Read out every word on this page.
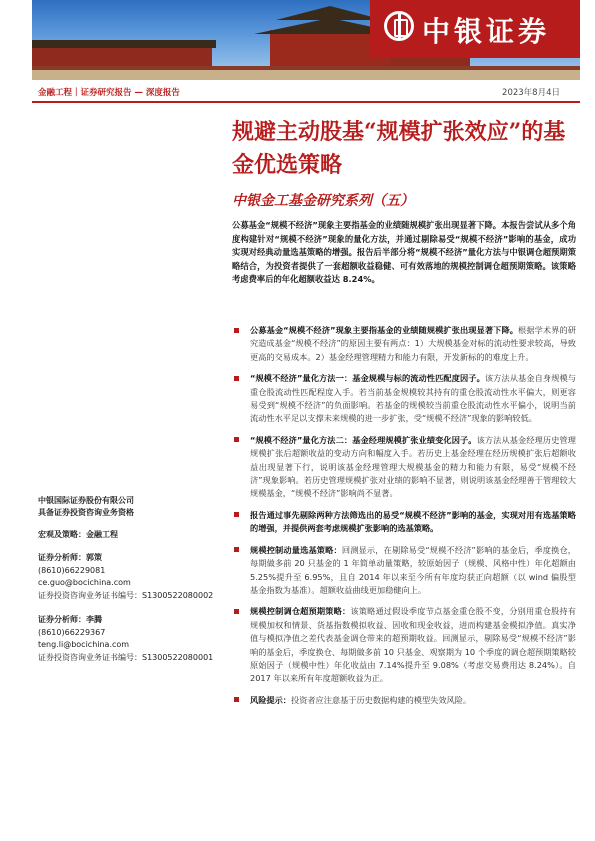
中银证券
金融工程｜证券研究报告 — 深度报告	2023年8月4日
规避主动股基“规模扩张效应”的基金优选策略
中银金工基金研究系列（五）
公募基金“规模不经济”现象主要指基金的业绩随规模扩张出现显著下降。本报告尝试从多个角度构建针对“规模不经济”现象的量化方法，并通过剔除易受“规模不经济”影响的基金，成功实现对经典动量选基策略的增强。报告后半部分将“规模不经济”量化方法与中银调仓超预期策略结合，为投资者提供了一套超额收益稳健、可有效落地的规模控制调仓超预期策略。该策略考虑费率后的年化超额收益达 8.24%。
公募基金“规模不经济”现象主要指基金的业绩随规模扩张出现显著下降。根据学术界的研究造成基金“规模不经济”的原因主要有两点：1）大规模基金对标的流动性要求较高，导致更高的交易成本。2）基金经理管理精力和能力有限，开发新标的的难度上升。
“规模不经济”量化方法一：基金规模与标的流动性匹配度因子。该方法从基金自身规模与重仓股流动性匹配程度入手。若当前基金规模较其持有的重仓股流动性水平偏大，则更容易受到“规模不经济”的负面影响。若基金的规模较当前重仓股流动性水平偏小，说明当前流动性水平足以支撑未来规模的进一步扩张，受“规模不经济”现象的影响较低。
“规模不经济”量化方法二：基金经理规模扩张业绩变化因子。该方法从基金经理历史管理规模扩张后超额收益的变动方向和幅度入手。若历史上基金经理在经历规模扩张后超额收益出现显著下行，说明该基金经理管理大规模基金的精力和能力有限，易受“规模不经济”现象影响。若历史管理规模扩张对业绩的影响不显著，则说明该基金经理善于管理较大规模基金，“规模不经济”影响尚不显著。
报告通过事先剔除两种方法筛选出的易受“规模不经济”影响的基金，实现对用有选基策略的增强，并提供两套考虑规模扩张影响的选基策略。
规模控制动量选基策略：回测显示，在剔除易受“规模不经济”影响的基金后，季度换仓，每期做多前 20 只基金的 1 年简单动量策略，较原始因子（规模、风格中性）年化超额由 5.25%提升至 6.95%，且自 2014 年以来至今所有年度均获正向超额（以 wind 偏股型基金指数为基准）。超额收益曲线更加稳健向上。
规模控制调仓超预期策略：该策略通过假设季度节点基金重仓股不变，分别用重仓股持有规模加权和情景、货基指数模拟收益、因收和现金收益，进而构建基金模拟净值。真实净值与模拟净值之差代表基金调仓带来的超预期收益。回测显示，剔除易受“规模不经济”影响的基金后，季度换仓、每期做多前 10 只基金、观察期为 10 个季度的调仓超预期策略较原始因子（规模中性）年化收益由 7.14%提升至 9.08%（考虑交易费用达 8.24%）。自 2017 年以来所有年度超额收益为正。
风险提示：投资者应注意基于历史数据构建的模型失效风险。
中银国际证券股份有限公司
具备证券投资咨询业务资格
宏观及策略：金融工程
证券分析师：郭策
(8610)66229081
ce.guo@bocichina.com
证券投资咨询业务证书编号：S1300522080002
证券分析师：李腾
(8610)66229367
teng.li@bocichina.com
证券投资咨询业务证书编号：S1300522080001
